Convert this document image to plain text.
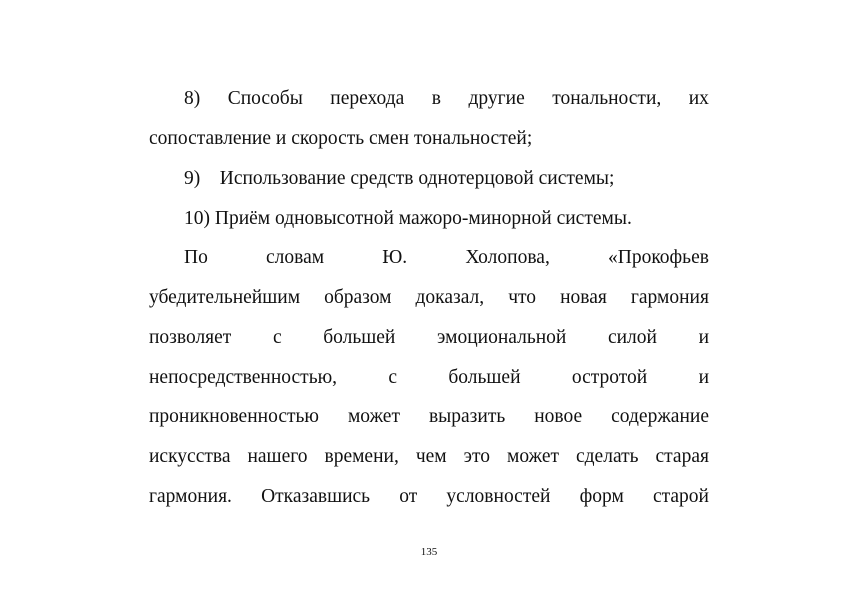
8) Способы перехода в другие тональности, их
сопоставление и скорость смен тональностей;
9) Использование средств однотерцовой системы;
10) Приём одновысотной мажоро-минорной системы.
По	словам	Ю.	Холопова,	«Прокофьев
убедительнейшим образом доказал, что новая гармония
позволяет с большей эмоциональной силой и
непосредственностью,	с	большей	остротой	и
проникновенностью может выразить новое содержание
искусства нашего времени, чем это может сделать старая
гармония. Отказавшись от условностей форм старой
135
